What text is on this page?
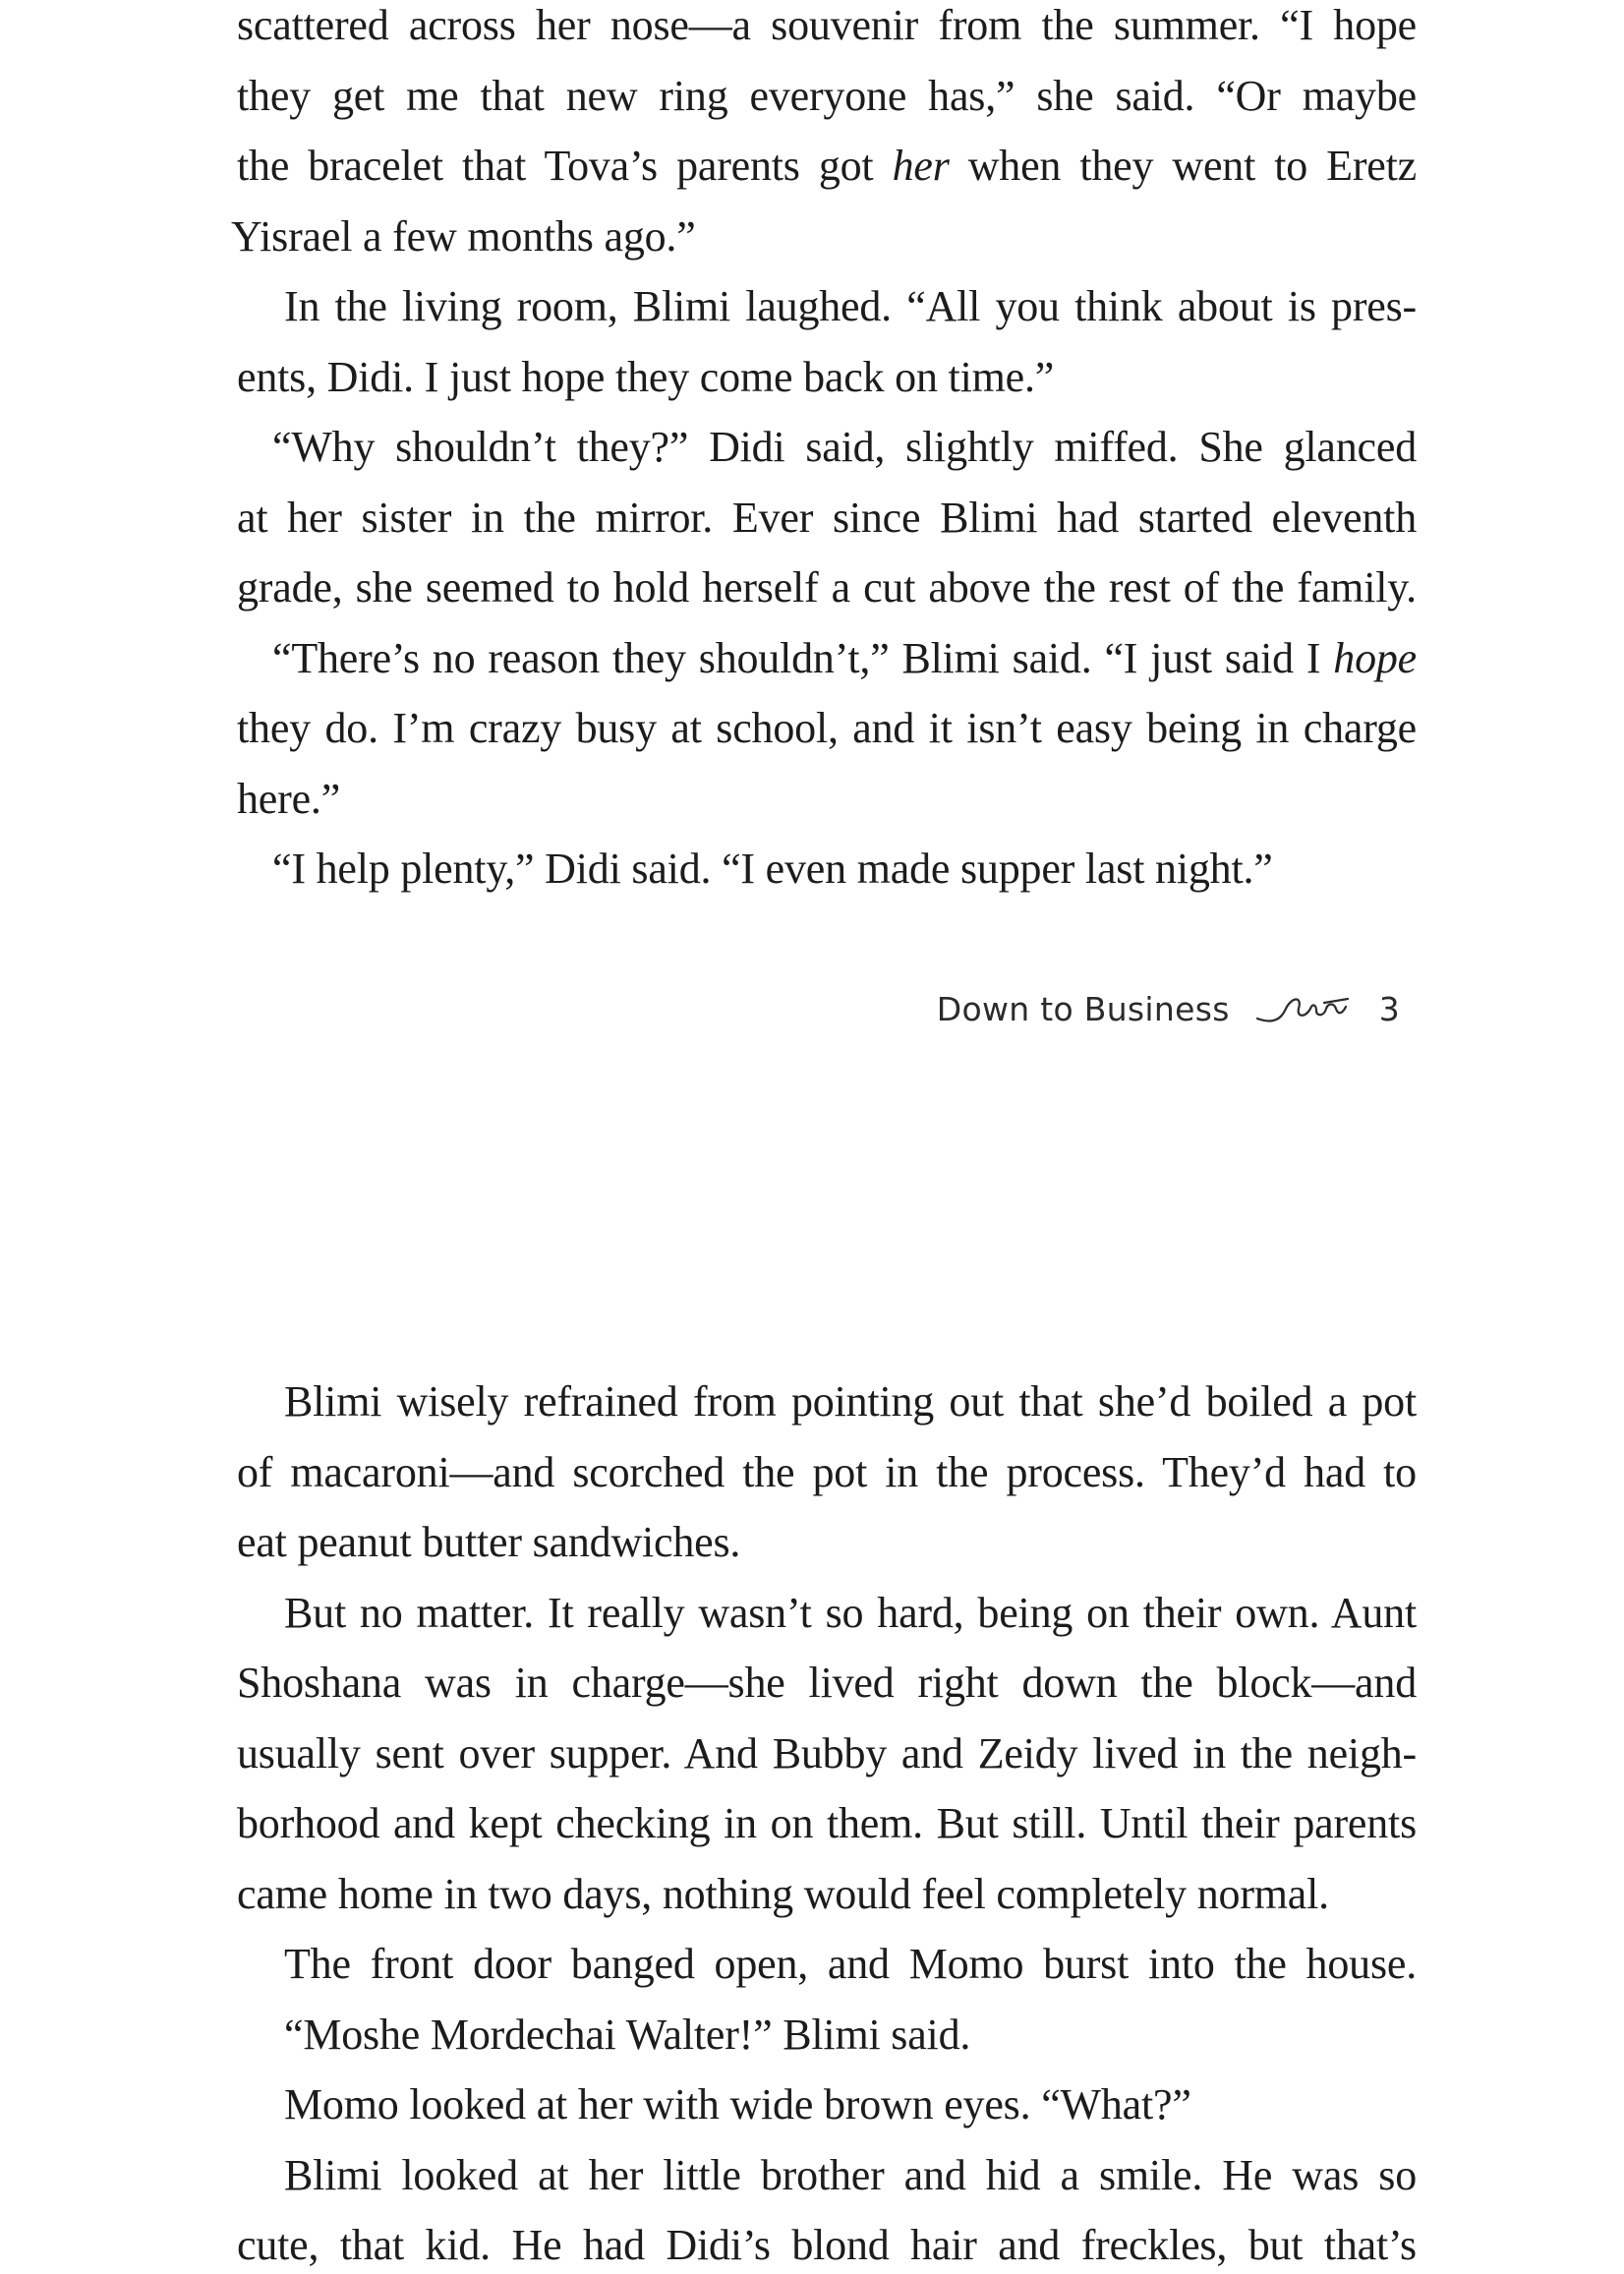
scattered across her nose—a souvenir from the summer. “I hope
they get me that new ring everyone has,” she said. “Or maybe
the bracelet that Tova’s parents got her when they went to Eretz
Yisrael a few months ago.”
In the living room, Blimi laughed. “All you think about is pres-
ents, Didi. I just hope they come back on time.”
“Why shouldn’t they?” Didi said, slightly miffed. She glanced
at her sister in the mirror. Ever since Blimi had started eleventh
grade, she seemed to hold herself a cut above the rest of the family.
“There’s no reason they shouldn’t,” Blimi said. “I just said I hope
they do. I’m crazy busy at school, and it isn’t easy being in charge
here.”
“I help plenty,” Didi said. “I even made supper last night.”
Down to Business	3
Blimi wisely refrained from pointing out that she’d boiled a pot
of macaroni—and scorched the pot in the process. They’d had to
eat peanut butter sandwiches.
But no matter. It really wasn’t so hard, being on their own. Aunt
Shoshana was in charge—she lived right down the block—and
usually sent over supper. And Bubby and Zeidy lived in the neigh-
borhood and kept checking in on them. But still. Until their parents
came home in two days, nothing would feel completely normal.
The front door banged open, and Momo burst into the house.
“Moshe Mordechai Walter!” Blimi said.
Momo looked at her with wide brown eyes. “What?”
Blimi looked at her little brother and hid a smile. He was so
cute, that kid. He had Didi’s blond hair and freckles, but that’s
